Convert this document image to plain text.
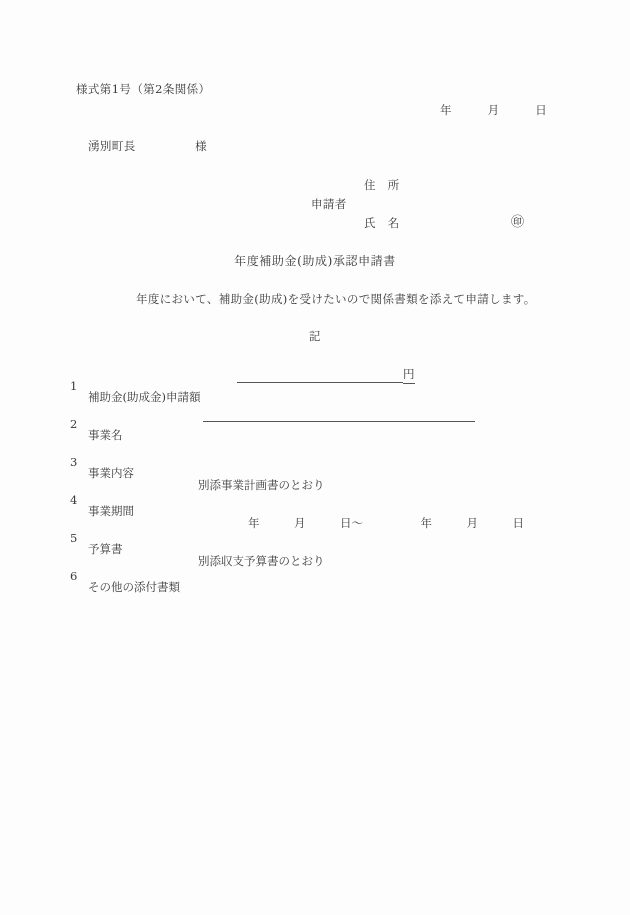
様式第1号（第2条関係）
年　　　月　　　日
湧別町長　　　　　様
申請者
住　所
氏　名	㊞
年度補助金(助成)承認申請書
年度において、補助金(助成)を受けたいので関係書類を添えて申請します。
記

1

補助金(助成金)申請額

円

2

事業名

3

事業内容

別添事業計画書のとおり

4

事業期間

年　　　月　　　日〜　　　　　年　　　月　　　日

5

予算書

別添収支予算書のとおり

6

その他の添付書類
